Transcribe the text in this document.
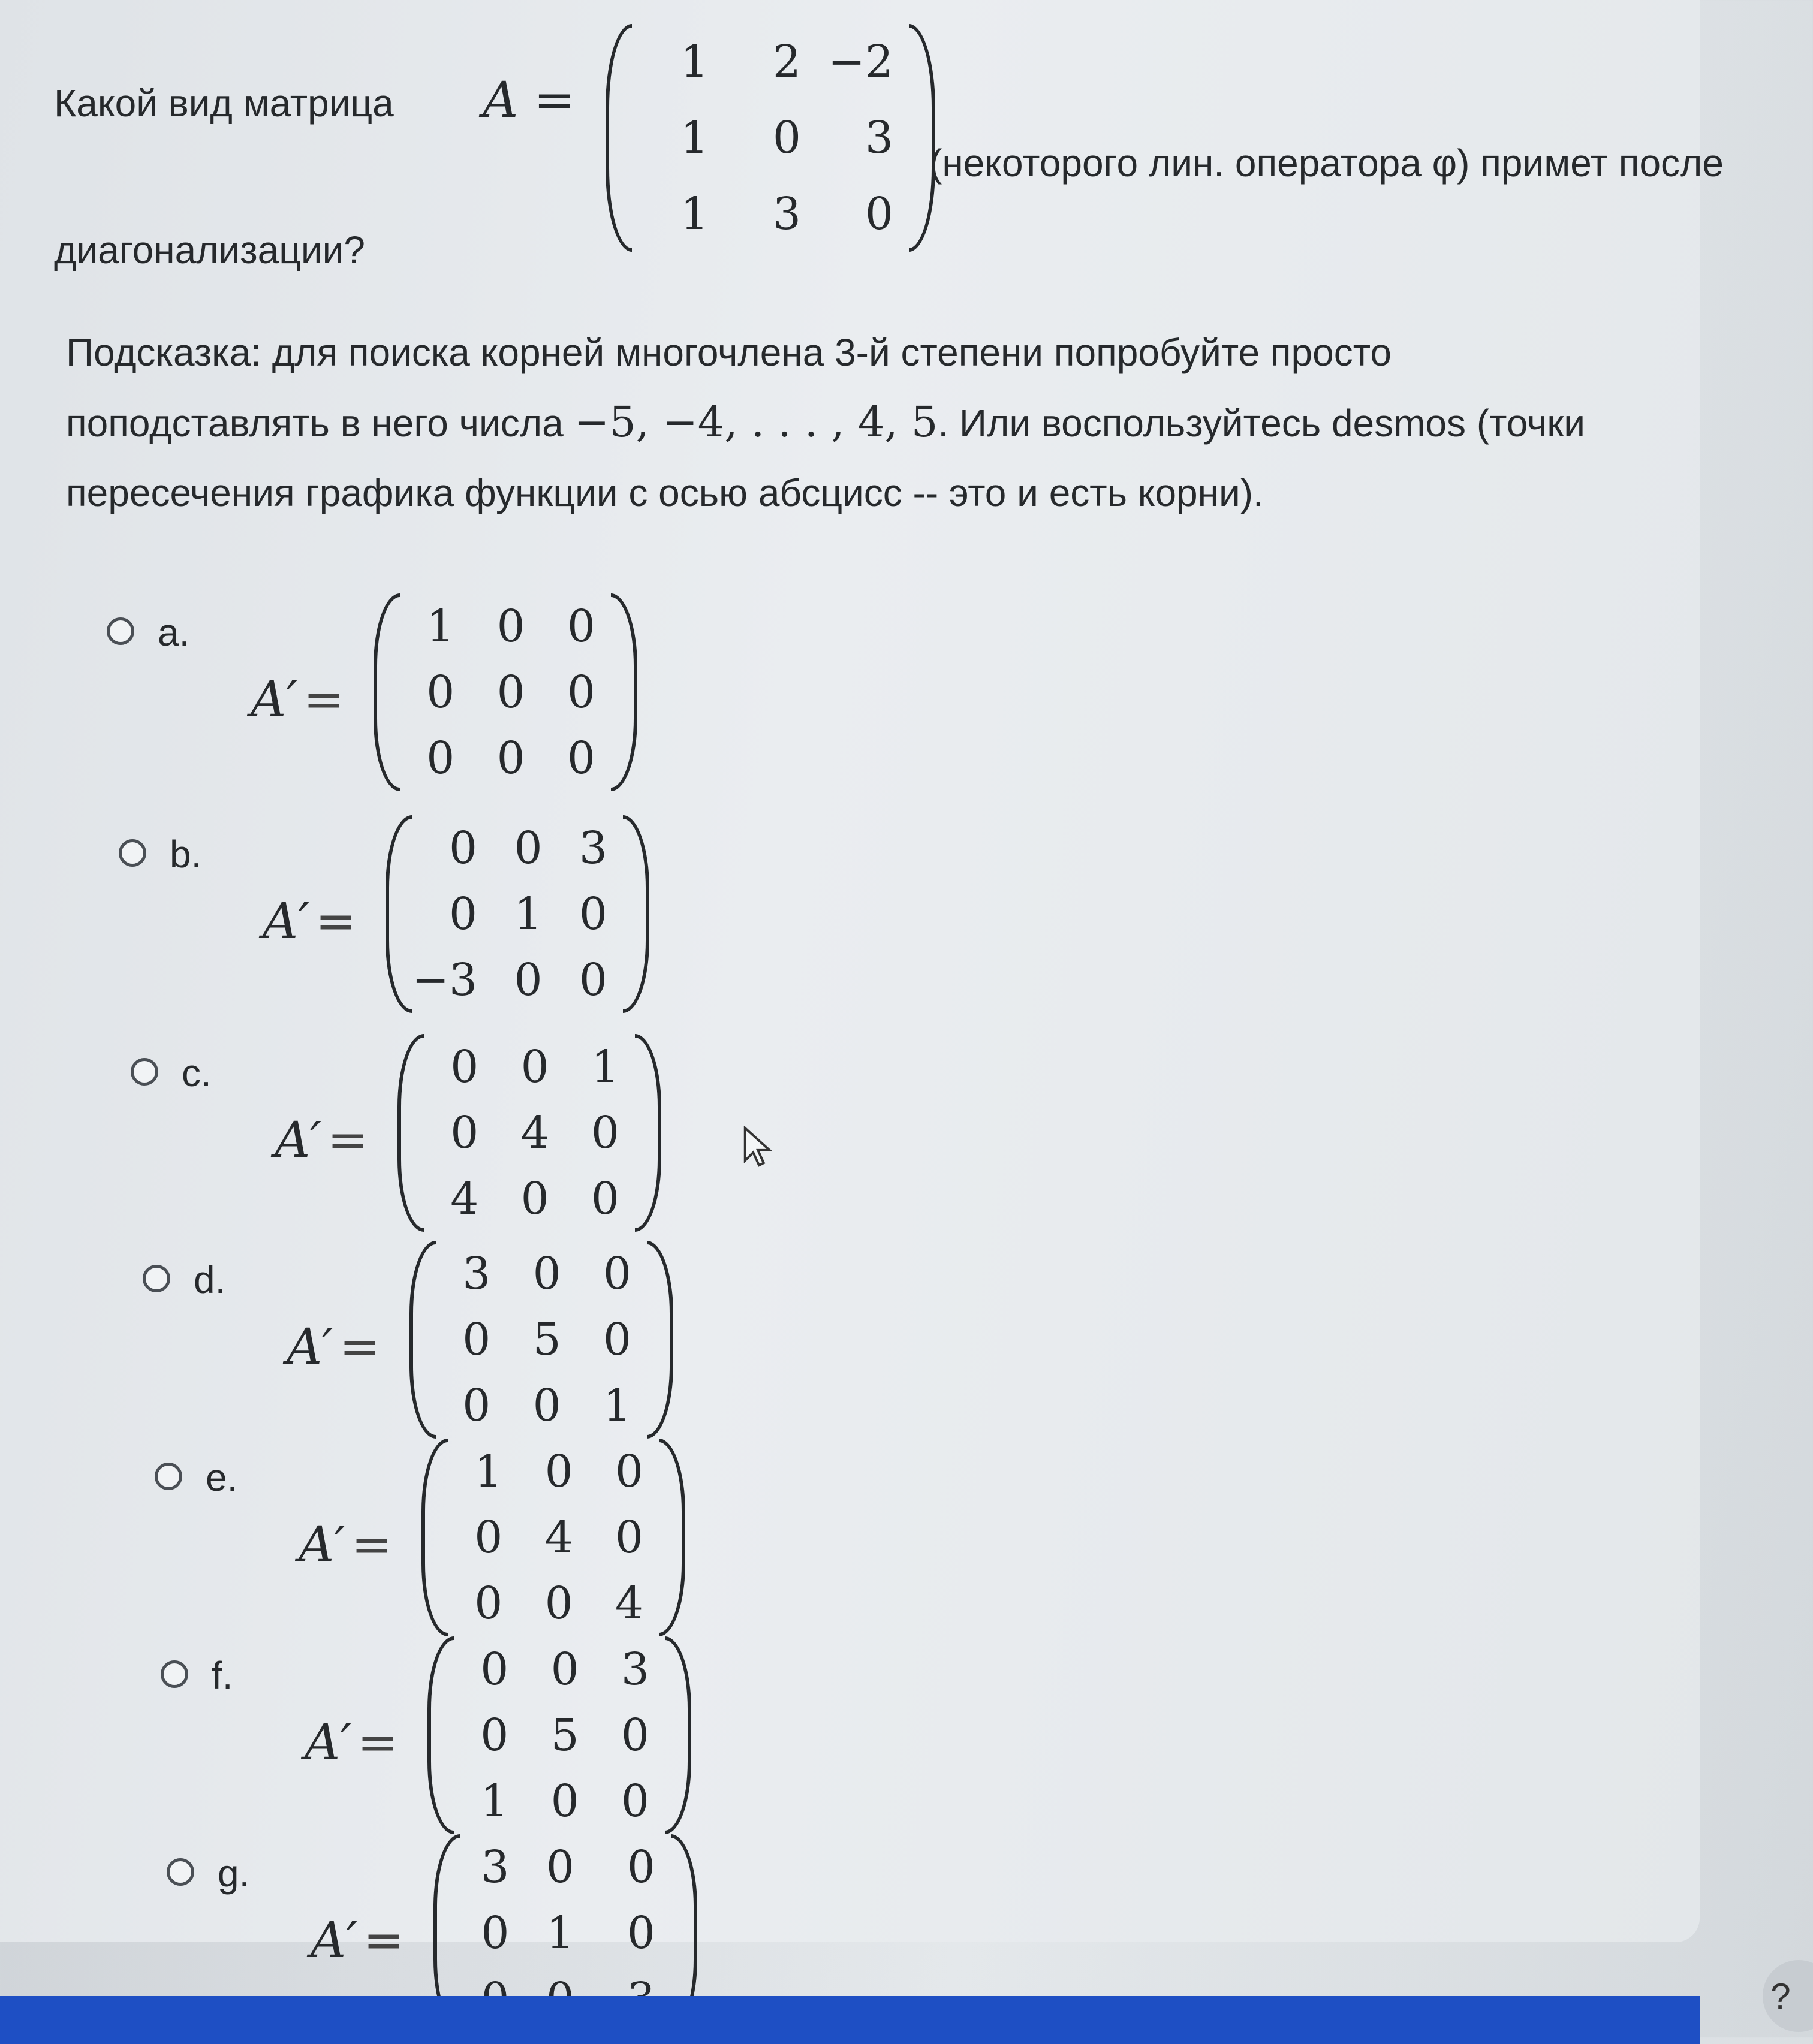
Какой вид матрица A =
1	2 −2
1	0	3
1	3	0
(некоторого лин. оператора φ) примет после
диагонализации?
Подсказка: для поиска корней многочлена 3-й степени попробуйте просто
поподставлять в него числа −5, −4, . . . , 4, 5. Или воспользуйтесь desmos (точки
пересечения графика функции с осью абсцисс -- это и есть корни).
a.
A′ =
1 0 0
0 0 0
0 0 0
b.
A′ =
0 0 3
0 1 0
−3 0 0
c.
A′ =
0 0 1
0 4 0
4 0 0
d.
A′ =
3 0 0
0 5 0
0 0 1
e.
A′ =
1 0 0
0 4 0
0 0 4
f.
A′ =
0 0 3
0 5 0
1 0 0
g.
A′ =
3 0	0
0 1	0
?
